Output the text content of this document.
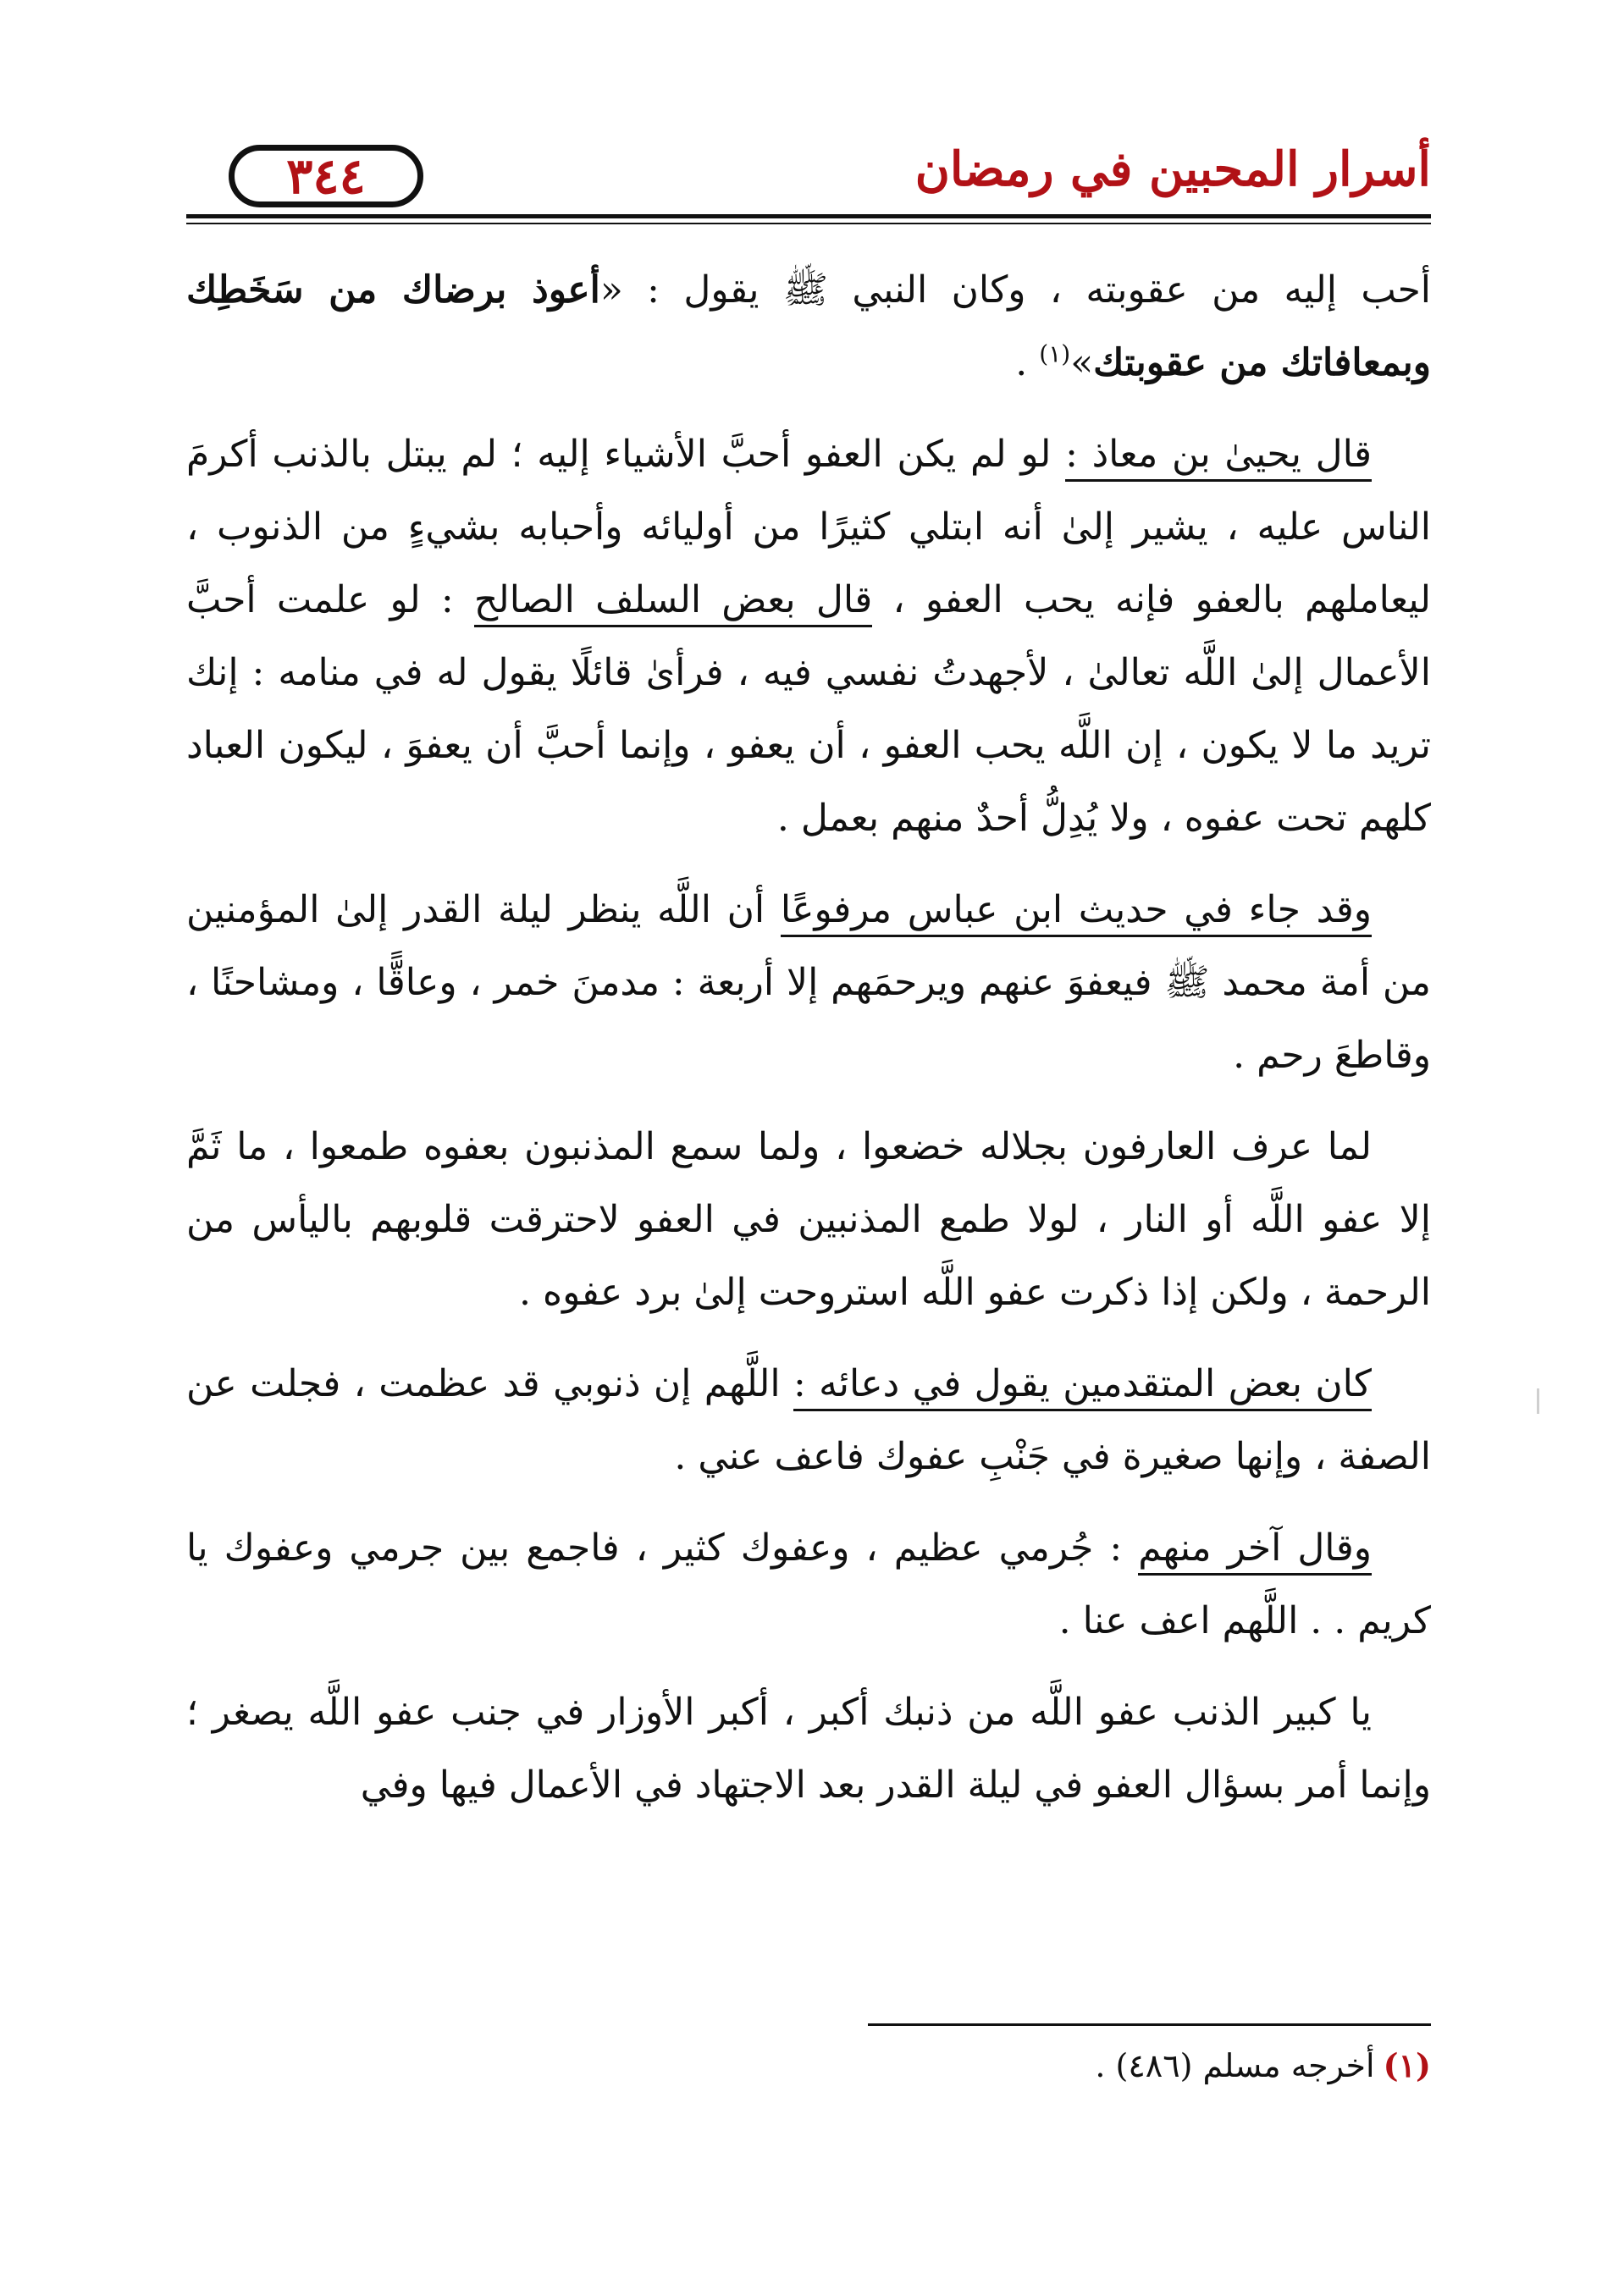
٣٤٤	أسرار المحبين في رمضان

أحب إليه من عقوبته ، وكان النبي ﷺ يقول : «أعوذ برضاك من سَخَطِك وبمعافاتك من عقوبتك»$^{(١)}$ .

قال يحيىٰ بن معاذ : لو لم يكن العفو أحبَّ الأشياء إليه ؛ لم يبتل بالذنب أكرمَ الناس عليه ، يشير إلىٰ أنه ابتلي كثيرًا من أوليائه وأحبابه بشيءٍ من الذنوب ، ليعاملهم بالعفو فإنه يحب العفو ، قال بعض السلف الصالح : لو علمت أحبَّ الأعمال إلىٰ اللَّه تعالىٰ ، لأجهدتُ نفسي فيه ، فرأىٰ قائلًا يقول له في منامه : إنك تريد ما لا يكون ، إن اللَّه يحب العفو ، أن يعفو ، وإنما أحبَّ أن يعفوَ ، ليكون العباد كلهم تحت عفوه ، ولا يُدِلُّ أحدٌ منهم بعمل .

وقد جاء في حديث ابن عباس مرفوعًا أن اللَّه ينظر ليلة القدر إلىٰ المؤمنين من أمة محمد ﷺ فيعفوَ عنهم ويرحمَهم إلا أربعة : مدمنَ خمر ، وعاقًّا ، ومشاحنًا ، وقاطعَ رحم .

لما عرف العارفون بجلاله خضعوا ، ولما سمع المذنبون بعفوه طمعوا ، ما ثَمَّ إلا عفو اللَّه أو النار ، لولا طمع المذنبين في العفو لاحترقت قلوبهم باليأس من الرحمة ، ولكن إذا ذكرت عفو اللَّه استروحت إلىٰ برد عفوه .

كان بعض المتقدمين يقول في دعائه : اللَّهم إن ذنوبي قد عظمت ، فجلت عن الصفة ، وإنها صغيرة في جَنْبِ عفوك فاعف عني .

وقال آخر منهم : جُرمي عظيم ، وعفوك كثير ، فاجمع بين جرمي وعفوك يا كريم . . اللَّهم اعف عنا .

يا كبير الذنب عفو اللَّه من ذنبك أكبر ، أكبر الأوزار في جنب عفو اللَّه يصغر ؛ وإنما أمر بسؤال العفو في ليلة القدر بعد الاجتهاد في الأعمال فيها وفي

(١)أخرجه مسلم (٤٨٦) .
